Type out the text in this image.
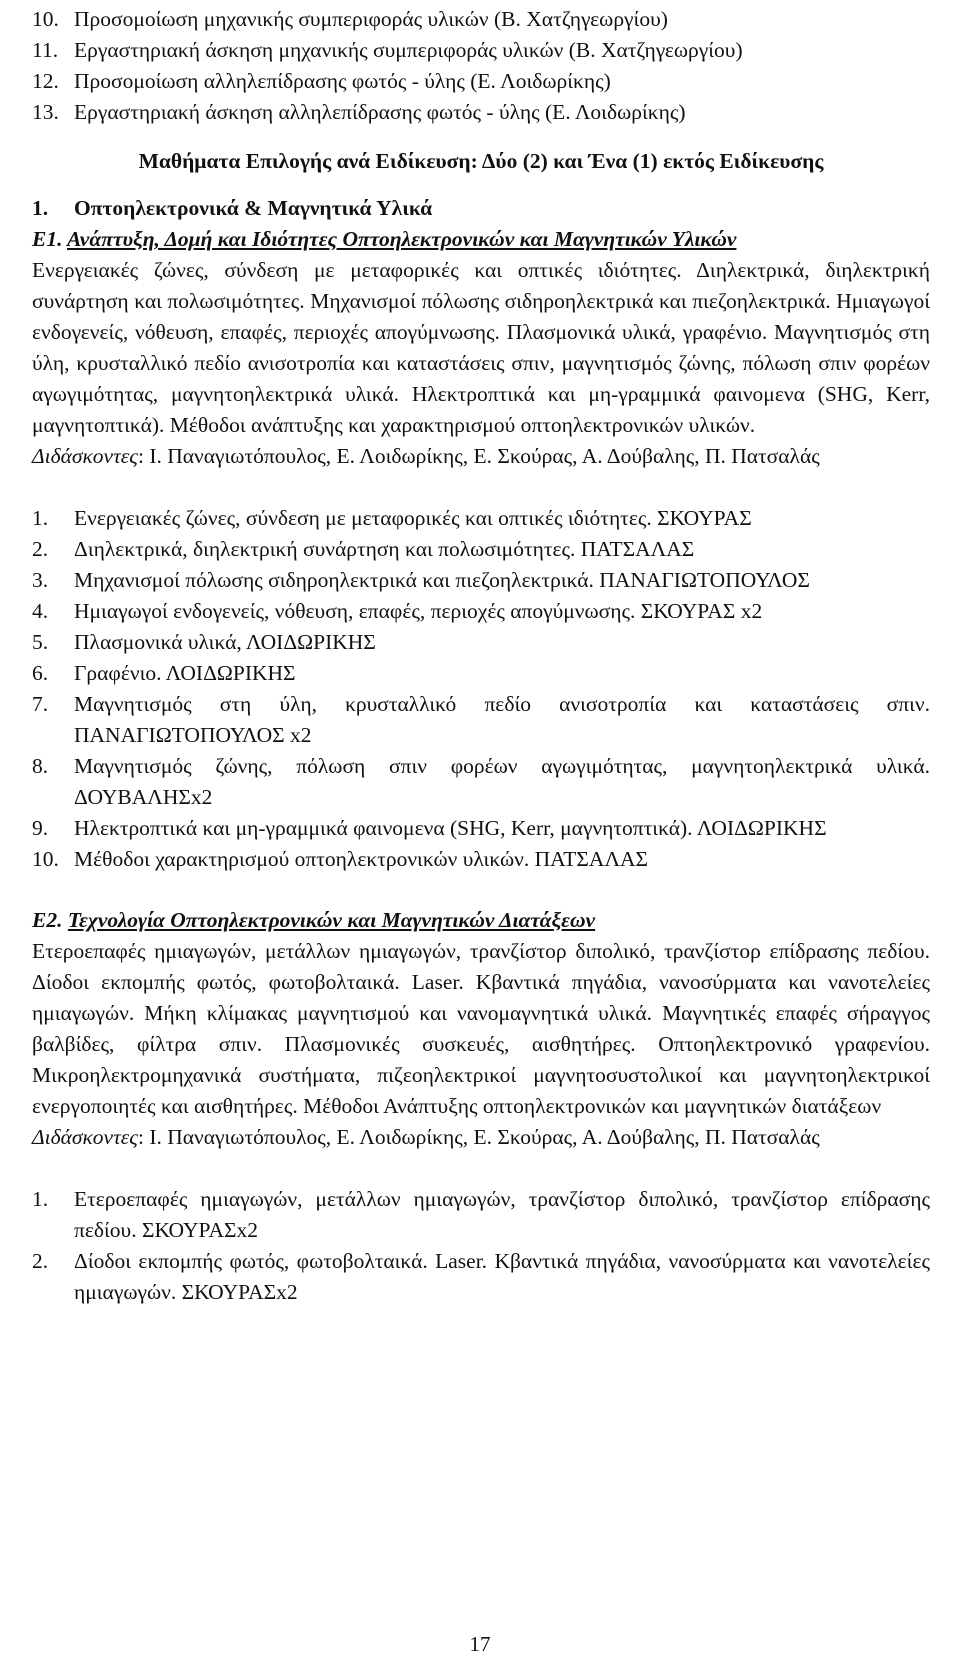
10. Προσομοίωση μηχανικής συμπεριφοράς υλικών (Β. Χατζηγεωργίου)
11. Εργαστηριακή άσκηση μηχανικής συμπεριφοράς υλικών (Β. Χατζηγεωργίου)
12. Προσομοίωση αλληλεπίδρασης φωτός - ύλης (Ε. Λοιδωρίκης)
13. Εργαστηριακή άσκηση αλληλεπίδρασης φωτός - ύλης (Ε. Λοιδωρίκης)
Μαθήματα Επιλογής ανά Ειδίκευση: Δύο (2) και Ένα (1) εκτός Ειδίκευσης
1.	Οπτοηλεκτρονικά & Μαγνητικά Υλικά
Ε1. Ανάπτυξη, Δομή και Ιδιότητες Οπτοηλεκτρονικών και Μαγνητικών Υλικών
Ενεργειακές ζώνες, σύνδεση με μεταφορικές και οπτικές ιδιότητες. Διηλεκτρικά, διηλεκτρική συνάρτηση και πολωσιμότητες. Μηχανισμοί πόλωσης σιδηροηλεκτρικά και πιεζοηλεκτρικά. Ημιαγωγοί ενδογενείς, νόθευση, επαφές, περιοχές απογύμνωσης. Πλασμονικά υλικά, γραφένιο. Μαγνητισμός στη ύλη, κρυσταλλικό πεδίο ανισοτροπία και καταστάσεις σπιν, μαγνητισμός ζώνης, πόλωση σπιν φορέων αγωγιμότητας, μαγνητοηλεκτρικά υλικά. Ηλεκτροπτικά και μη-γραμμικά φαινομενα (SHG, Kerr, μαγνητοπτικά). Μέθοδοι ανάπτυξης και χαρακτηρισμού οπτοηλεκτρονικών υλικών.
Διδάσκοντες: Ι. Παναγιωτόπουλος, Ε. Λοιδωρίκης, Ε. Σκούρας, Α. Δούβαλης, Π. Πατσαλάς
1.	Ενεργειακές ζώνες, σύνδεση με μεταφορικές και οπτικές ιδιότητες. ΣΚΟΥΡΑΣ
2.	Διηλεκτρικά, διηλεκτρική συνάρτηση και πολωσιμότητες. ΠΑΤΣΑΛΑΣ
3.	Μηχανισμοί πόλωσης σιδηροηλεκτρικά και πιεζοηλεκτρικά. ΠΑΝΑΓΙΩΤΟΠΟΥΛΟΣ
4.	Ημιαγωγοί ενδογενείς, νόθευση, επαφές, περιοχές απογύμνωσης. ΣΚΟΥΡΑΣ x2
5.	Πλασμονικά υλικά, ΛΟΙΔΩΡΙΚΗΣ
6.	Γραφένιο. ΛΟΙΔΩΡΙΚΗΣ
7.	Μαγνητισμός στη ύλη, κρυσταλλικό πεδίο ανισοτροπία και καταστάσεις σπιν. ΠΑΝΑΓΙΩΤΟΠΟΥΛΟΣ x2
8.	Μαγνητισμός ζώνης, πόλωση σπιν φορέων αγωγιμότητας, μαγνητοηλεκτρικά υλικά. ΔΟΥΒΑΛΗΣx2
9.	Ηλεκτροπτικά και μη-γραμμικά φαινομενα (SHG, Kerr, μαγνητοπτικά). ΛΟΙΔΩΡΙΚΗΣ
10. Μέθοδοι χαρακτηρισμού οπτοηλεκτρονικών υλικών. ΠΑΤΣΑΛΑΣ
Ε2. Τεχνολογία Οπτοηλεκτρονικών και Μαγνητικών Διατάξεων
Ετεροεπαφές ημιαγωγών, μετάλλων ημιαγωγών, τρανζίστορ διπολικό, τρανζίστορ επίδρασης πεδίου. Δίοδοι εκπομπής φωτός, φωτοβολταικά. Laser. Κβαντικά πηγάδια, νανοσύρματα και νανοτελείες ημιαγωγών. Μήκη κλίμακας μαγνητισμού και νανομαγνητικά υλικά. Μαγνητικές επαφές σήραγγος βαλβίδες, φίλτρα σπιν. Πλασμονικές συσκευές, αισθητήρες. Οπτοηλεκτρονικό γραφενίου. Μικροηλεκτρομηχανικά συστήματα, πιζεοηλεκτρικοί μαγνητοσυστολικοί και μαγνητοηλεκτρικοί ενεργοποιητές και αισθητήρες. Μέθοδοι Ανάπτυξης οπτοηλεκτρονικών και μαγνητικών διατάξεων
Διδάσκοντες: Ι. Παναγιωτόπουλος, Ε. Λοιδωρίκης, Ε. Σκούρας, Α. Δούβαλης, Π. Πατσαλάς
1.	Ετεροεπαφές ημιαγωγών, μετάλλων ημιαγωγών, τρανζίστορ διπολικό, τρανζίστορ επίδρασης πεδίου. ΣΚΟΥΡΑΣx2
2.	Δίοδοι εκπομπής φωτός, φωτοβολταικά. Laser. Κβαντικά πηγάδια, νανοσύρματα και νανοτελείες ημιαγωγών. ΣΚΟΥΡΑΣx2
17
